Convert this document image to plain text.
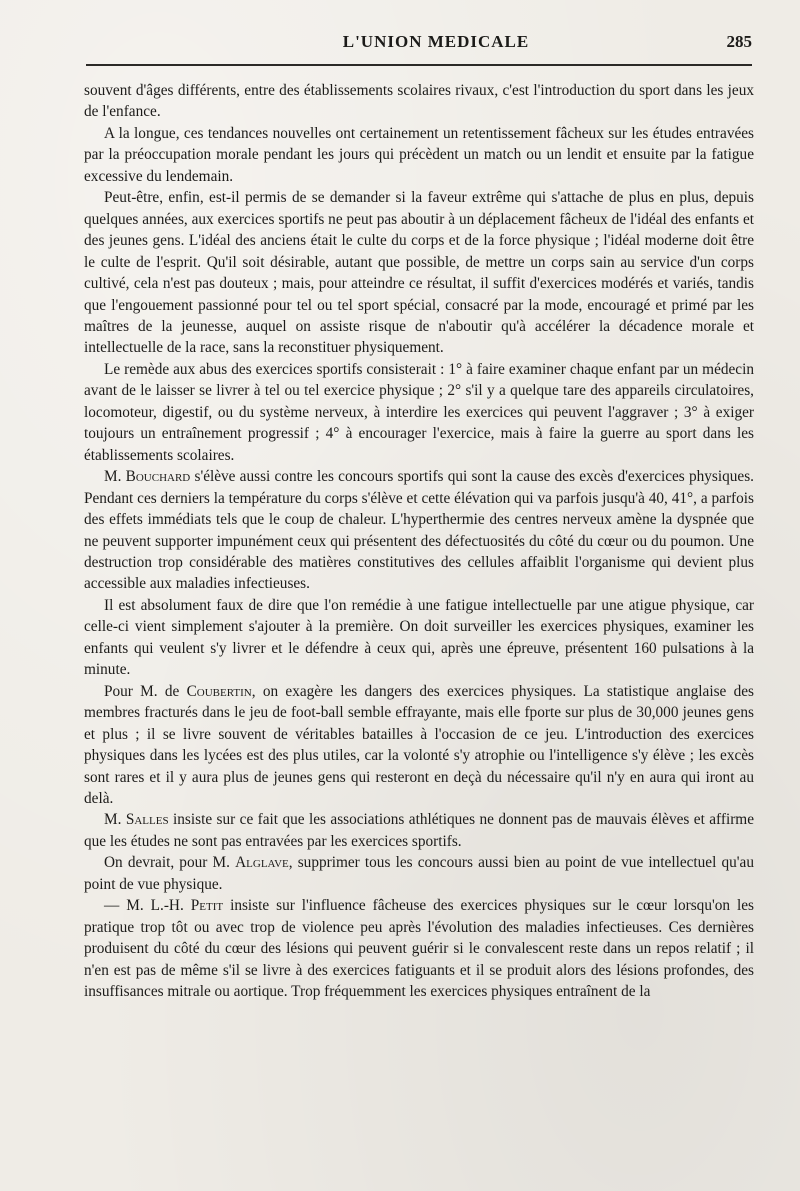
L'UNION MEDICALE	285

souvent d'âges différents, entre des établissements scolaires rivaux, c'est l'introduction du sport dans les jeux de l'enfance.

A la longue, ces tendances nouvelles ont certainement un retentissement fâcheux sur les études entravées par la préoccupation morale pendant les jours qui précèdent un match ou un lendit et ensuite par la fatigue excessive du lendemain.

Peut-être, enfin, est-il permis de se demander si la faveur extrême qui s'attache de plus en plus, depuis quelques années, aux exercices sportifs ne peut pas aboutir à un déplacement fâcheux de l'idéal des enfants et des jeunes gens. L'idéal des anciens était le culte du corps et de la force physique ; l'idéal moderne doit être le culte de l'esprit. Qu'il soit désirable, autant que possible, de mettre un corps sain au service d'un corps cultivé, cela n'est pas douteux ; mais, pour atteindre ce résultat, il suffit d'exercices modérés et variés, tandis que l'engouement passionné pour tel ou tel sport spécial, consacré par la mode, encouragé et primé par les maîtres de la jeunesse, auquel on assiste risque de n'aboutir qu'à accélérer la décadence morale et intellectuelle de la race, sans la reconstituer physiquement.

Le remède aux abus des exercices sportifs consisterait : 1° à faire examiner chaque enfant par un médecin avant de le laisser se livrer à tel ou tel exercice physique ; 2° s'il y a quelque tare des appareils circulatoires, locomoteur, digestif, ou du système nerveux, à interdire les exercices qui peuvent l'aggraver ; 3° à exiger toujours un entraînement progressif ; 4° à encourager l'exercice, mais à faire la guerre au sport dans les établissements scolaires.

M. Bouchard s'élève aussi contre les concours sportifs qui sont la cause des excès d'exercices physiques. Pendant ces derniers la température du corps s'élève et cette élévation qui va parfois jusqu'à 40, 41°, a parfois des effets immédiats tels que le coup de chaleur. L'hyperthermie des centres nerveux amène la dyspnée que ne peuvent supporter impunément ceux qui présentent des défectuosités du côté du cœur ou du poumon. Une destruction trop considérable des matières constitutives des cellules affaiblit l'organisme qui devient plus accessible aux maladies infectieuses.

Il est absolument faux de dire que l'on remédie à une fatigue intellectuelle par une atigue physique, car celle-ci vient simplement s'ajouter à la première. On doit surveiller les exercices physiques, examiner les enfants qui veulent s'y livrer et le défendre à ceux qui, après une épreuve, présentent 160 pulsations à la minute.

Pour M. de Coubertin, on exagère les dangers des exercices physiques. La statistique anglaise des membres fracturés dans le jeu de foot-ball semble effrayante, mais elle fporte sur plus de 30,000 jeunes gens et plus ; il se livre souvent de véritables batailles à l'occasion de ce jeu. L'introduction des exercices physiques dans les lycées est des plus utiles, car la volonté s'y atrophie ou l'intelligence s'y élève ; les excès sont rares et il y aura plus de jeunes gens qui resteront en deçà du nécessaire qu'il n'y en aura qui iront au delà.

M. Salles insiste sur ce fait que les associations athlétiques ne donnent pas de mauvais élèves et affirme que les études ne sont pas entravées par les exercices sportifs.

On devrait, pour M. Alglave, supprimer tous les concours aussi bien au point de vue intellectuel qu'au point de vue physique.

— M. L.-H. Petit insiste sur l'influence fâcheuse des exercices physiques sur le cœur lorsqu'on les pratique trop tôt ou avec trop de violence peu après l'évolution des maladies infectieuses. Ces dernières produisent du côté du cœur des lésions qui peuvent guérir si le convalescent reste dans un repos relatif ; il n'en est pas de même s'il se livre à des exercices fatiguants et il se produit alors des lésions profondes, des insuffisances mitrale ou aortique. Trop fréquemment les exercices physiques entraînent de la
